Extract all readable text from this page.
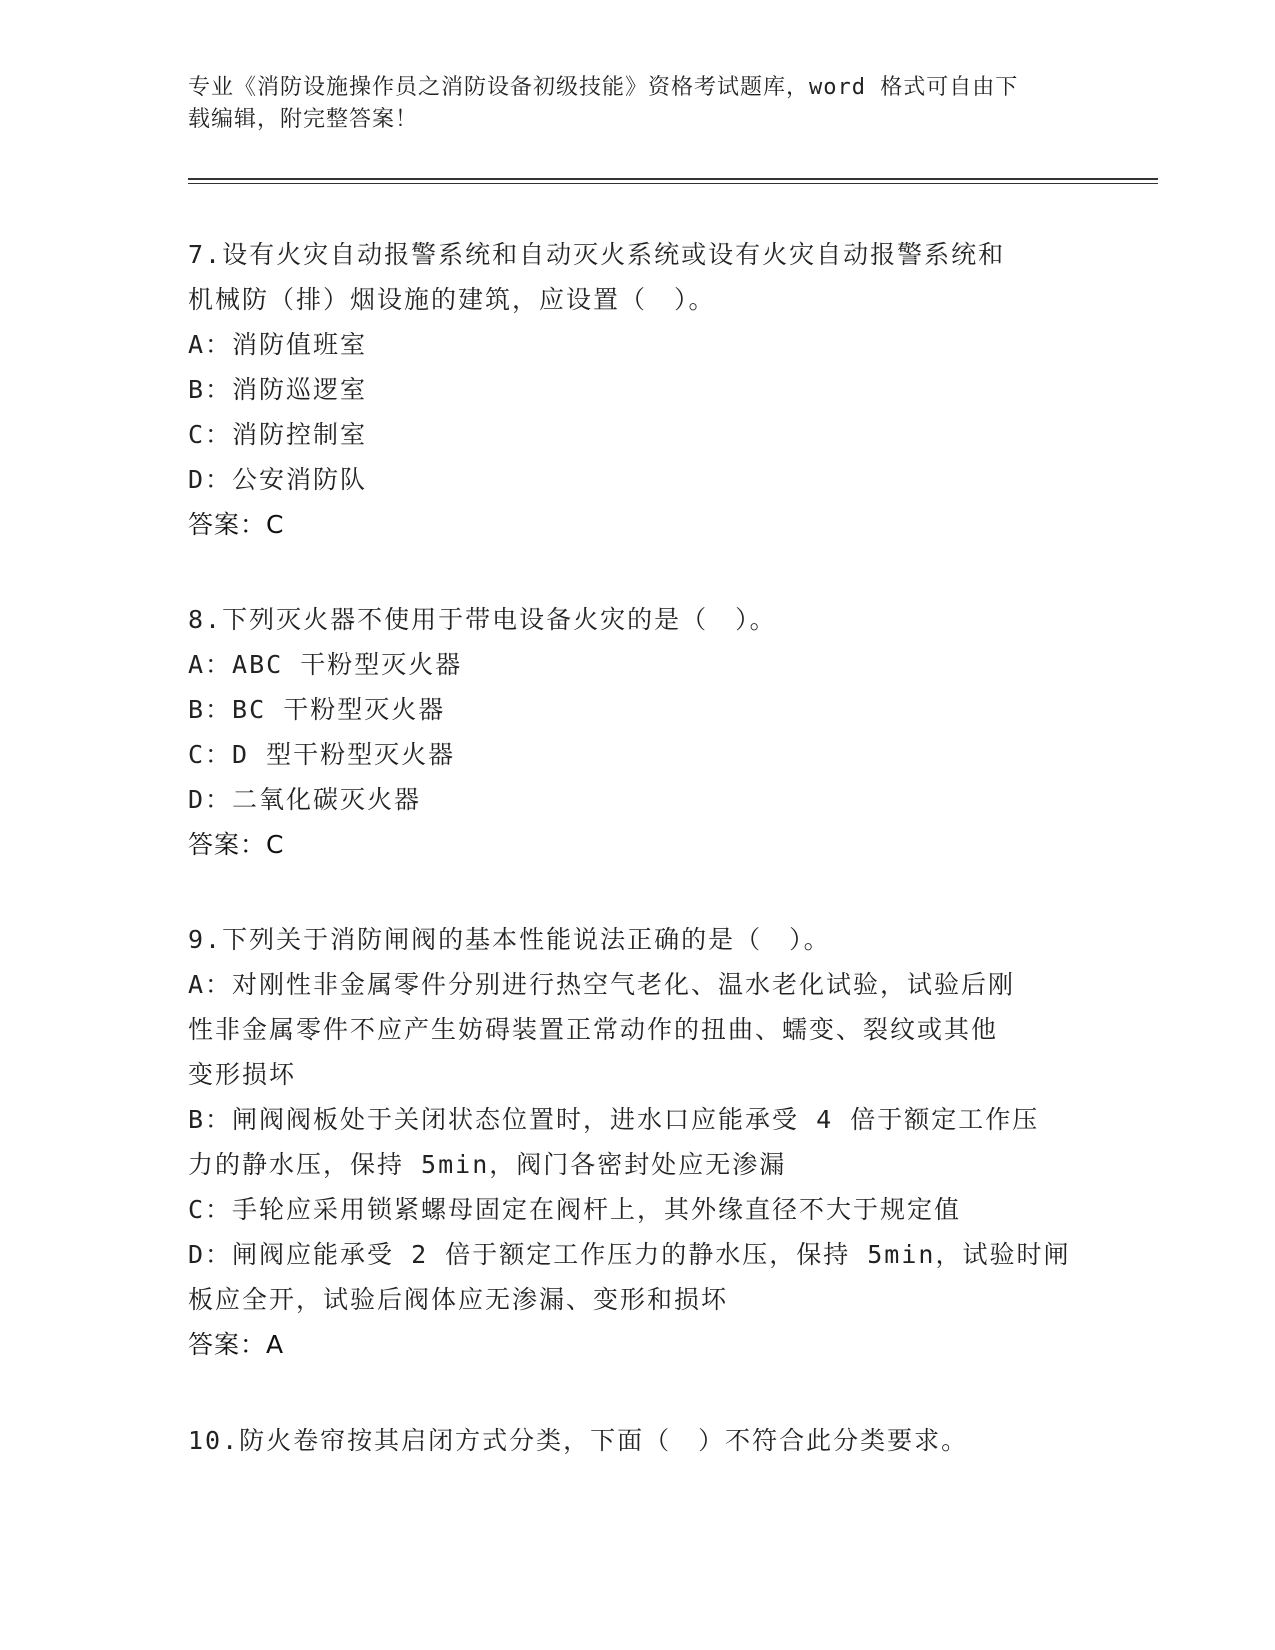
专业《消防设施操作员之消防设备初级技能》资格考试题库，word 格式可自由下
载编辑，附完整答案！

7.设有火灾自动报警系统和自动灭火系统或设有火灾自动报警系统和

机械防（排）烟设施的建筑，应设置（　）。

A：消防值班室

B：消防巡逻室

C：消防控制室

D：公安消防队

答案：C

8.下列灭火器不使用于带电设备火灾的是（　）。

A：ABC 干粉型灭火器

B：BC 干粉型灭火器

C：D 型干粉型灭火器

D：二氧化碳灭火器

答案：C

9.下列关于消防闸阀的基本性能说法正确的是（　）。

A：对刚性非金属零件分别进行热空气老化、温水老化试验，试验后刚

性非金属零件不应产生妨碍装置正常动作的扭曲、蠕变、裂纹或其他

变形损坏

B：闸阀阀板处于关闭状态位置时，进水口应能承受 4 倍于额定工作压

力的静水压，保持 5min，阀门各密封处应无渗漏

C：手轮应采用锁紧螺母固定在阀杆上，其外缘直径不大于规定值

D：闸阀应能承受 2 倍于额定工作压力的静水压，保持 5min，试验时闸

板应全开，试验后阀体应无渗漏、变形和损坏

答案：A

10.防火卷帘按其启闭方式分类，下面（　）不符合此分类要求。
